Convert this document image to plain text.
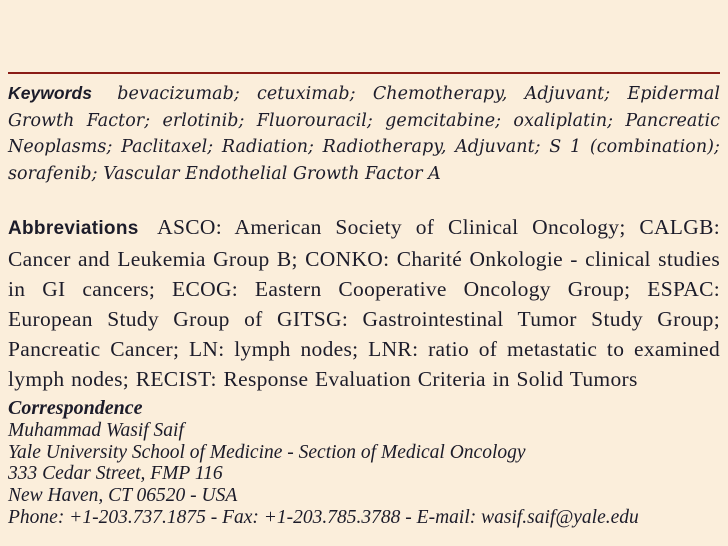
Keywords bevacizumab; cetuximab; Chemotherapy, Adjuvant; Epidermal Growth Factor; erlotinib; Fluorouracil; gemcitabine; oxaliplatin; Pancreatic Neoplasms; Paclitaxel; Radiation; Radiotherapy, Adjuvant; S 1 (combination); sorafenib; Vascular Endothelial Growth Factor A
Abbreviations ASCO: American Society of Clinical Oncology; CALGB: Cancer and Leukemia Group B; CONKO: Charité Onkologie - clinical studies in GI cancers; ECOG: Eastern Cooperative Oncology Group; ESPAC: European Study Group of GITSG: Gastrointestinal Tumor Study Group; Pancreatic Cancer; LN: lymph nodes; LNR: ratio of metastatic to examined lymph nodes; RECIST: Response Evaluation Criteria in Solid Tumors
Correspondence
Muhammad Wasif Saif
Yale University School of Medicine - Section of Medical Oncology
333 Cedar Street, FMP 116
New Haven, CT 06520 - USA
Phone: +1-203.737.1875 - Fax: +1-203.785.3788 - E-mail: wasif.saif@yale.edu
